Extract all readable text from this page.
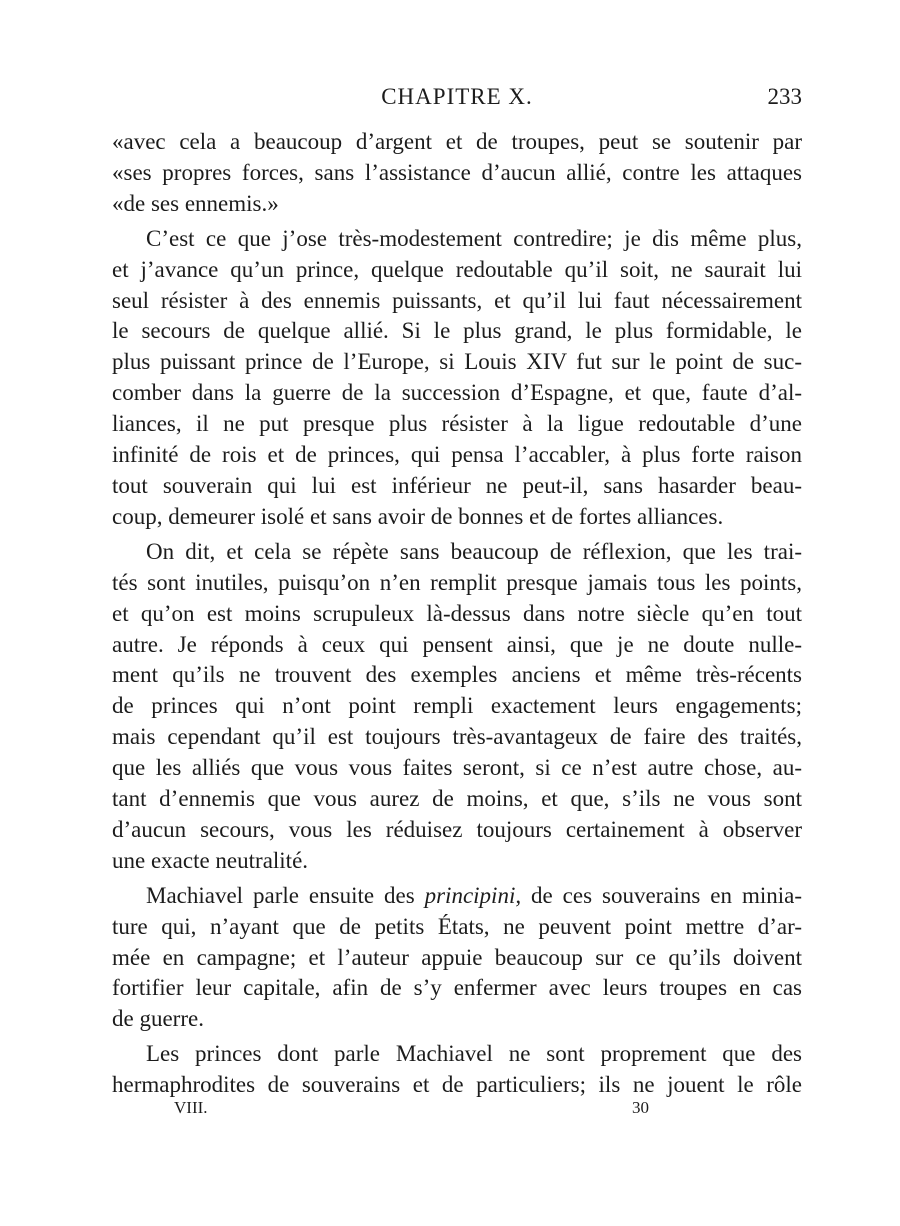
CHAPITRE X.	233

«avec cela a beaucoup d’argent et de troupes, peut se soutenir par
«ses propres forces, sans l’assistance d’aucun allié, contre les attaques
«de ses ennemis.»

C’est ce que j’ose très-modestement contredire; je dis même plus,
et j’avance qu’un prince, quelque redoutable qu’il soit, ne saurait lui
seul résister à des ennemis puissants, et qu’il lui faut nécessairement
le secours de quelque allié. Si le plus grand, le plus formidable, le
plus puissant prince de l’Europe, si Louis XIV fut sur le point de suc-
comber dans la guerre de la succession d’Espagne, et que, faute d’al-
liances, il ne put presque plus résister à la ligue redoutable d’une
infinité de rois et de princes, qui pensa l’accabler, à plus forte raison
tout souverain qui lui est inférieur ne peut-il, sans hasarder beau-
coup, demeurer isolé et sans avoir de bonnes et de fortes alliances.

On dit, et cela se répète sans beaucoup de réflexion, que les trai-
tés sont inutiles, puisqu’on n’en remplit presque jamais tous les points,
et qu’on est moins scrupuleux là-dessus dans notre siècle qu’en tout
autre. Je réponds à ceux qui pensent ainsi, que je ne doute nulle-
ment qu’ils ne trouvent des exemples anciens et même très-récents
de princes qui n’ont point rempli exactement leurs engagements;
mais cependant qu’il est toujours très-avantageux de faire des traités,
que les alliés que vous vous faites seront, si ce n’est autre chose, au-
tant d’ennemis que vous aurez de moins, et que, s’ils ne vous sont
d’aucun secours, vous les réduisez toujours certainement à observer
une exacte neutralité.

Machiavel parle ensuite des principini, de ces souverains en minia-
ture qui, n’ayant que de petits États, ne peuvent point mettre d’ar-
mée en campagne; et l’auteur appuie beaucoup sur ce qu’ils doivent
fortifier leur capitale, afin de s’y enfermer avec leurs troupes en cas
de guerre.

Les princes dont parle Machiavel ne sont proprement que des
hermaphrodites de souverains et de particuliers; ils ne jouent le rôle

VIII.	30
